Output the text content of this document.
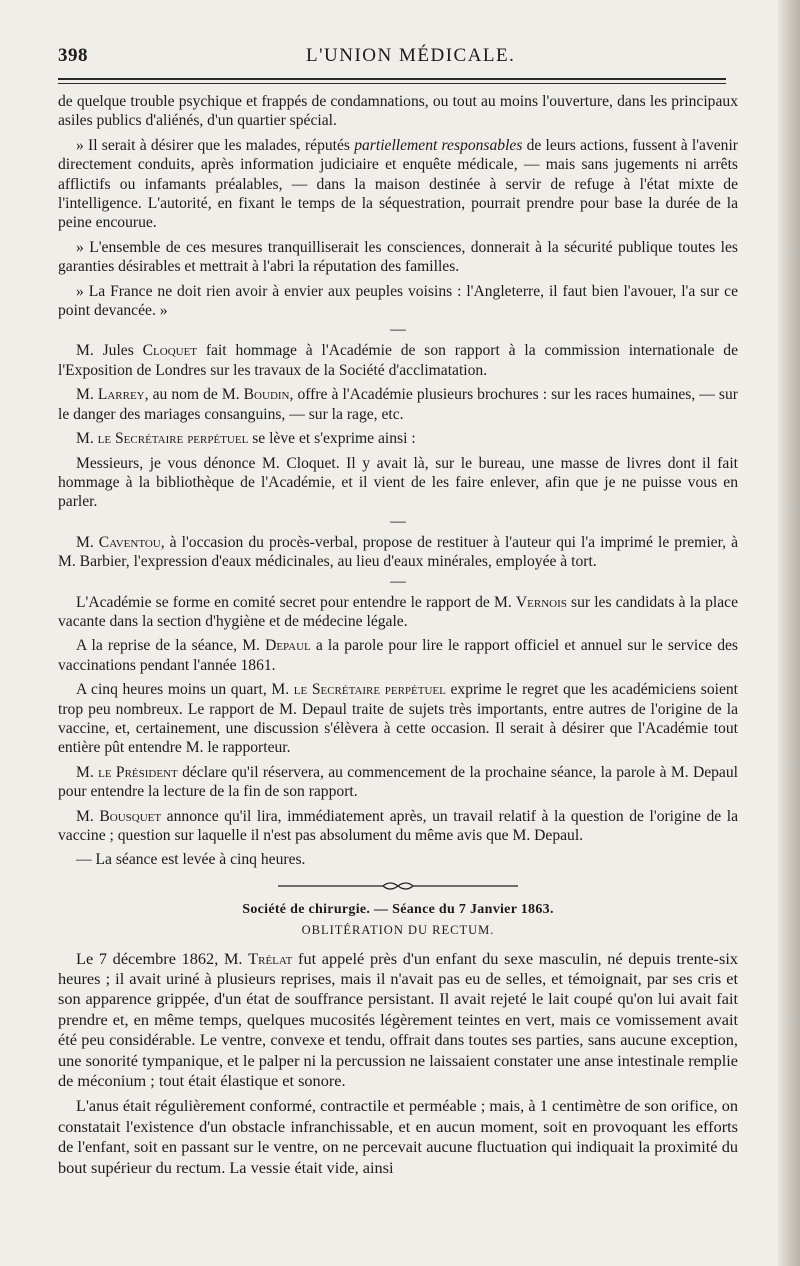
398	L'UNION MÉDICALE.

de quelque trouble psychique et frappés de condamnations, ou tout au moins l'ouverture, dans les principaux asiles publics d'aliénés, d'un quartier spécial.

» Il serait à désirer que les malades, réputés partiellement responsables de leurs actions, fussent à l'avenir directement conduits, après information judiciaire et enquête médicale, — mais sans jugements ni arrêts afflictifs ou infamants préalables, — dans la maison destinée à servir de refuge à l'état mixte de l'intelligence. L'autorité, en fixant le temps de la séquestration, pourrait prendre pour base la durée de la peine encourue.

» L'ensemble de ces mesures tranquilliserait les consciences, donnerait à la sécurité publique toutes les garanties désirables et mettrait à l'abri la réputation des familles.

» La France ne doit rien avoir à envier aux peuples voisins : l'Angleterre, il faut bien l'avouer, l'a sur ce point devancée. »

—

M. Jules Cloquet fait hommage à l'Académie de son rapport à la commission internationale de l'Exposition de Londres sur les travaux de la Société d'acclimatation.

M. Larrey, au nom de M. Boudin, offre à l'Académie plusieurs brochures : sur les races humaines, — sur le danger des mariages consanguins, — sur la rage, etc.

M. le Secrétaire perpétuel se lève et s'exprime ainsi :

Messieurs, je vous dénonce M. Cloquet. Il y avait là, sur le bureau, une masse de livres dont il fait hommage à la bibliothèque de l'Académie, et il vient de les faire enlever, afin que je ne puisse vous en parler.

—

M. Caventou, à l'occasion du procès-verbal, propose de restituer à l'auteur qui l'a imprimé le premier, à M. Barbier, l'expression d'eaux médicinales, au lieu d'eaux minérales, employée à tort.

—

L'Académie se forme en comité secret pour entendre le rapport de M. Vernois sur les candidats à la place vacante dans la section d'hygiène et de médecine légale.

A la reprise de la séance, M. Depaul a la parole pour lire le rapport officiel et annuel sur le service des vaccinations pendant l'année 1861.

A cinq heures moins un quart, M. le Secrétaire perpétuel exprime le regret que les académiciens soient trop peu nombreux. Le rapport de M. Depaul traite de sujets très importants, entre autres de l'origine de la vaccine, et, certainement, une discussion s'élèvera à cette occasion. Il serait à désirer que l'Académie tout entière pût entendre M. le rapporteur.

M. le Président déclare qu'il réservera, au commencement de la prochaine séance, la parole à M. Depaul pour entendre la lecture de la fin de son rapport.

M. Bousquet annonce qu'il lira, immédiatement après, un travail relatif à la question de l'origine de la vaccine ; question sur laquelle il n'est pas absolument du même avis que M. Depaul.

— La séance est levée à cinq heures.

Société de chirurgie. — Séance du 7 Janvier 1863.
OBLITÉRATION DU RECTUM.

Le 7 décembre 1862, M. Trélat fut appelé près d'un enfant du sexe masculin, né depuis trente-six heures ; il avait uriné à plusieurs reprises, mais il n'avait pas eu de selles, et témoignait, par ses cris et son apparence grippée, d'un état de souffrance persistant. Il avait rejeté le lait coupé qu'on lui avait fait prendre et, en même temps, quelques mucosités légèrement teintes en vert, mais ce vomissement avait été peu considérable. Le ventre, convexe et tendu, offrait dans toutes ses parties, sans aucune exception, une sonorité tympanique, et le palper ni la percussion ne laissaient constater une anse intestinale remplie de méconium ; tout était élastique et sonore.

L'anus était régulièrement conformé, contractile et perméable ; mais, à 1 centimètre de son orifice, on constatait l'existence d'un obstacle infranchissable, et en aucun moment, soit en provoquant les efforts de l'enfant, soit en passant sur le ventre, on ne percevait aucune fluctuation qui indiquait la proximité du bout supérieur du rectum. La vessie était vide, ainsi
